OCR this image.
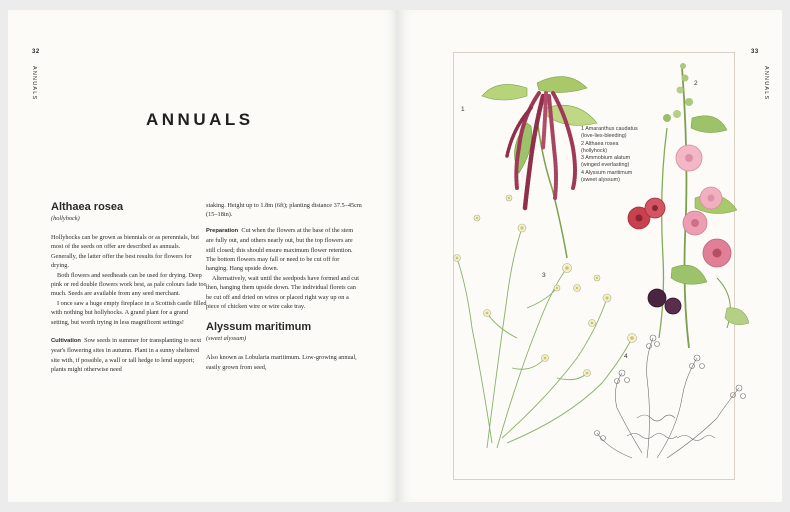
32
ANNUALS
ANNUALS
Althaea rosea
(hollyhock)

Hollyhocks can be grown as biennials or as perennials, but most of the seeds on offer are described as annuals. Generally, the latter offer the best results for flowers for drying.

Both flowers and seedheads can be used for drying. Deep pink or red double flowers work best, as pale colours fade too much. Seeds are available from any seed merchant.

I once saw a huge empty fireplace in a Scottish castle filled with nothing but hollyhocks. A grand plant for a grand setting, but worth trying in less magnificent settings!

Cultivation Sow seeds in summer for transplanting to next year's flowering sites in autumn. Plant in a sunny sheltered site with, if possible, a wall or tall hedge to lend support; plants might otherwise need

staking. Height up to 1.8m (6ft); planting distance 37.5–45cm (15–18in).

Preparation Cut when the flowers at the base of the stem are fully out, and others nearly out, but the top flowers are still closed; this should ensure maximum flower retention. The bottom flowers may fall or need to be cut off for hanging. Hang upside down.

Alternatively, wait until the seedpods have formed and cut then, hanging them upside down. The individual florets can be cut off and dried on wires or placed right way up on a piece of chicken wire or wire cake tray.

Alyssum maritimum
(sweet alyssum)

Also known as Lobularia maritimum. Low-growing annual, easily grown from seed,

33
ANNUALS
1
2
3
4
1 Amaranthus caudatus
(love-lies-bleeding)
2 Althaea rosea
(hollyhock)
3 Ammobium alatum
(winged everlasting)
4 Alyssum maritimum
(sweet alyssum)
